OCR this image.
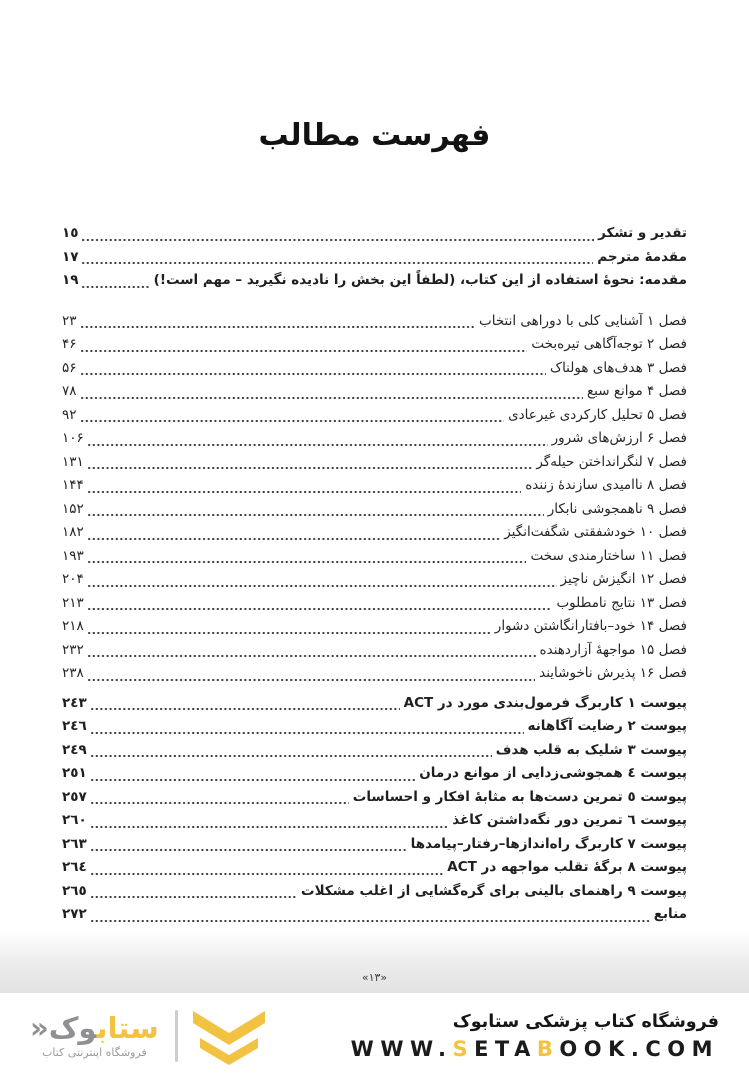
فهرست مطالب
تقدیر و تشکر
۱٥
مقدمهٔ مترجم
۱۷
مقدمه: نحوهٔ استفاده از این کتاب، (لطفاً این بخش را نادیده نگیرید – مهم است!)
۱۹
فصل ۱ آشنایی کلی با دوراهی انتخاب
۲۳
فصل ۲ توجه‌آگاهی تیره‌بخت
۴۶
فصل ۳ هدف‌های هولناک
۵۶
فصل ۴ موانع سبع
۷۸
فصل ۵ تحلیل کارکردی غیرعادی
۹۲
فصل ۶ ارزش‌های شرور
۱۰۶
فصل ۷ لنگرانداختن حیله‌گر
۱۳۱
فصل ۸ ناامیدی سازندهٔ زننده
۱۴۴
فصل ۹ ناهمجوشی نابکار
۱۵۲
فصل ۱۰ خودشفقتی شگفت‌انگیز
۱۸۲
فصل ۱۱ ساختارمندی سخت
۱۹۳
فصل ۱۲ انگیزش ناچیز
۲۰۴
فصل ۱۳ نتایج نامطلوب
۲۱۳
فصل ۱۴ خود–بافتارانگاشتن دشوار
۲۱۸
فصل ۱۵ مواجهۀ آزاردهنده
۲۳۲
فصل ۱۶ پذیرش ناخوشایند
۲۳۸
پیوست ۱ کاربرگ فرمول‌بندی مورد در ACT
۲٤۳
پیوست ۲ رضایت آگاهانه
۲٤٦
پیوست ۳ شلیک به قلب هدف
۲٤۹
پیوست ٤ همجوشی‌زدایی از موانع درمان
۲٥۱
پیوست ٥ تمرین دست‌ها به مثابۀ افکار و احساسات
۲٥۷
پیوست ٦ تمرین دور نگه‌داشتن کاغذ
۲٦۰
پیوست ۷ کاربرگ راه‌اندازها–رفتار–پیامدها
۲٦۳
پیوست ۸ برگهٔ تقلب مواجهه در ACT
۲٦٤
پیوست ۹ راهنمای بالینی برای گره‌گشایی از اغلب مشکلات
۲٦٥
منابع
۲۷۲
«۱۳»
ستابوک«
فروشگاه اینترنتی کتاب
فروشگاه کتاب پزشکی ستابوک
WWW.SETABOOK.COM
